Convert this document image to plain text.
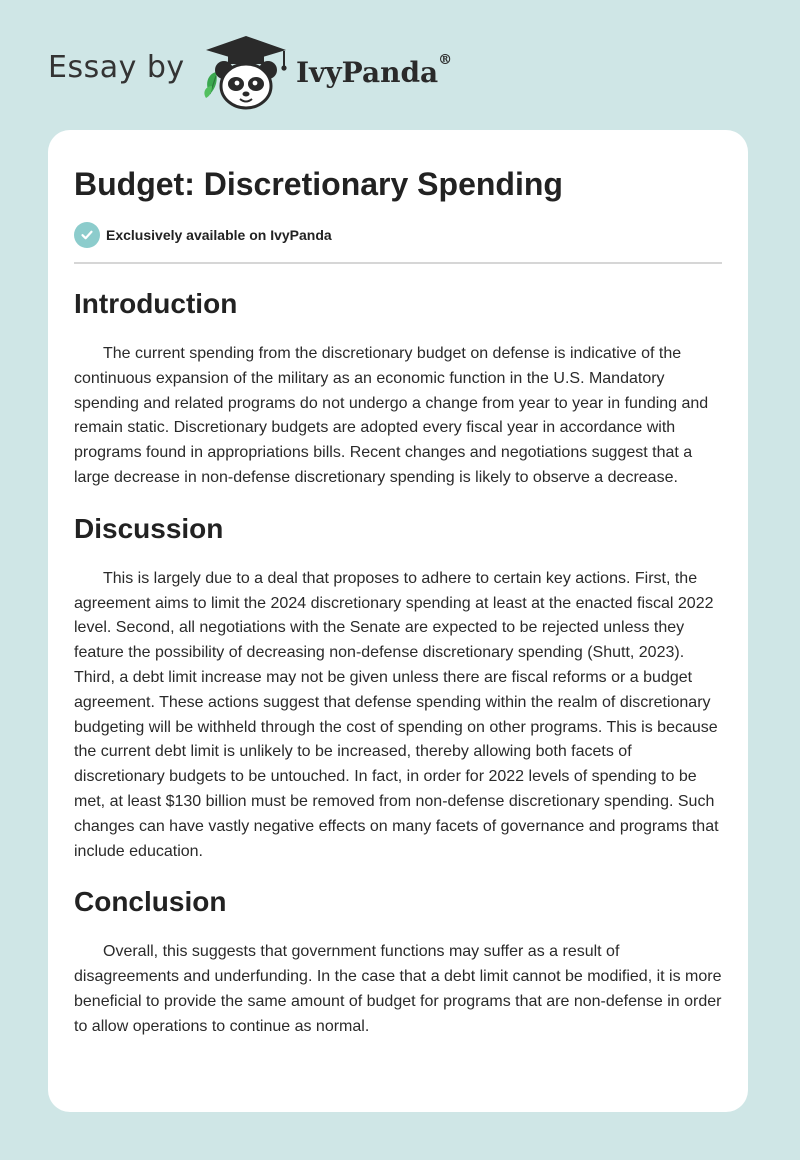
Essay by	IvyPanda®
Budget: Discretionary Spending
Exclusively available on IvyPanda
Introduction

The current spending from the discretionary budget on defense is indicative of the continuous expansion of the military as an economic function in the U.S. Mandatory spending and related programs do not undergo a change from year to year in funding and remain static. Discretionary budgets are adopted every fiscal year in accordance with programs found in appropriations bills. Recent changes and negotiations suggest that a large decrease in non-defense discretionary spending is likely to observe a decrease.

Discussion

This is largely due to a deal that proposes to adhere to certain key actions. First, the agreement aims to limit the 2024 discretionary spending at least at the enacted fiscal 2022 level. Second, all negotiations with the Senate are expected to be rejected unless they feature the possibility of decreasing non-defense discretionary spending (Shutt, 2023). Third, a debt limit increase may not be given unless there are fiscal reforms or a budget agreement. These actions suggest that defense spending within the realm of discretionary budgeting will be withheld through the cost of spending on other programs. This is because the current debt limit is unlikely to be increased, thereby allowing both facets of discretionary budgets to be untouched. In fact, in order for 2022 levels of spending to be met, at least $130 billion must be removed from non-defense discretionary spending. Such changes can have vastly negative effects on many facets of governance and programs that include education.

Conclusion

Overall, this suggests that government functions may suffer as a result of disagreements and underfunding. In the case that a debt limit cannot be modified, it is more beneficial to provide the same amount of budget for programs that are non-defense in order to allow operations to continue as normal.
